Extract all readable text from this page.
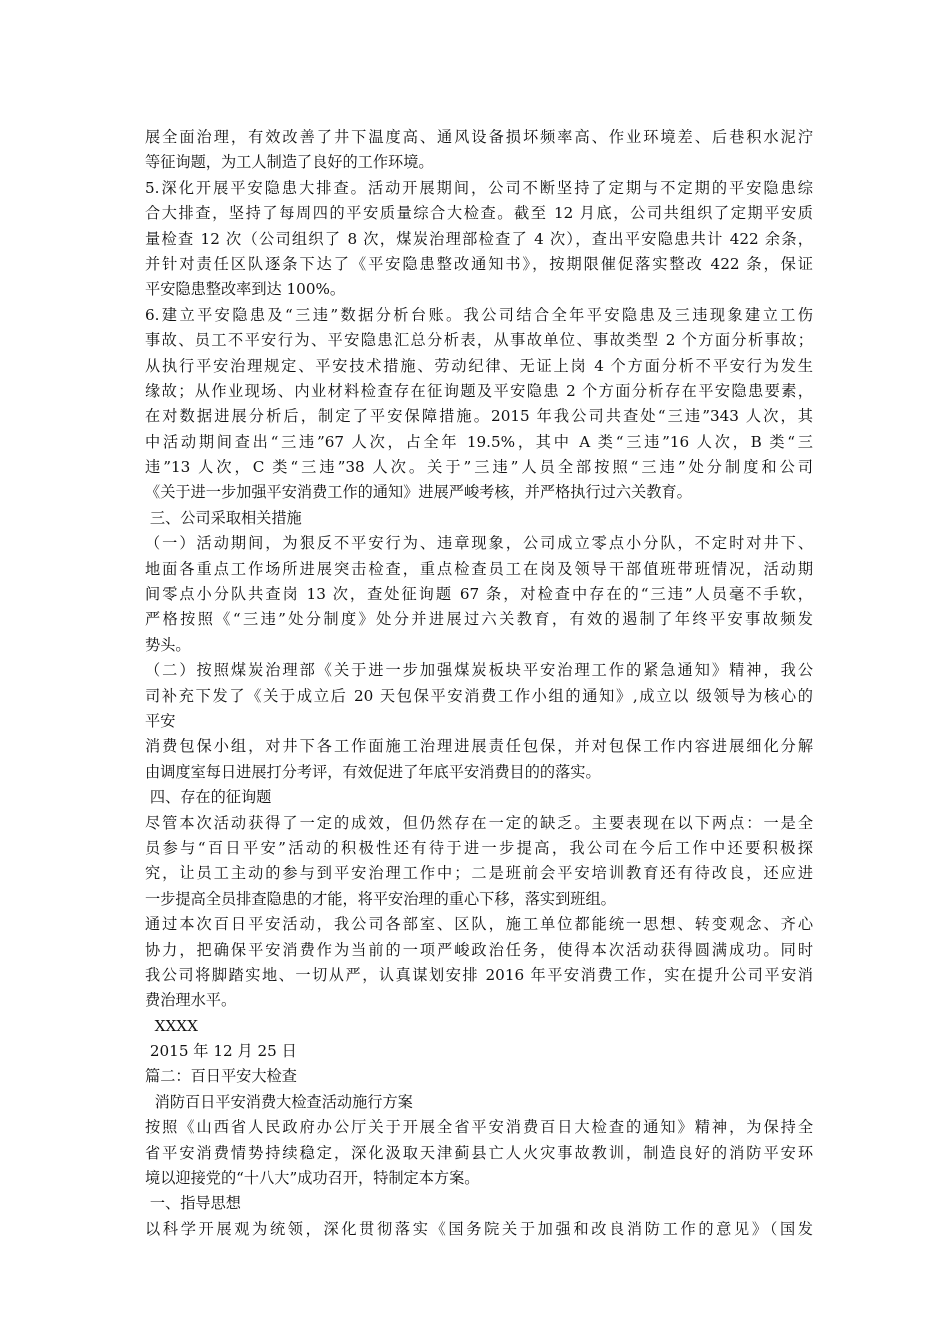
展全面治理，有效改善了井下温度高、通风设备损坏频率高、作业环境差、后巷积水泥泞
等征询题，为工人制造了良好的工作环境。
5.深化开展平安隐患大排查。活动开展期间，公司不断坚持了定期与不定期的平安隐患综
合大排查，坚持了每周四的平安质量综合大检查。截至 12 月底，公司共组织了定期平安质
量检查 12 次（公司组织了 8 次，煤炭治理部检查了 4 次），查出平安隐患共计 422 余条，
并针对责任区队逐条下达了《平安隐患整改通知书》，按期限催促落实整改 422 条，保证
平安隐患整改率到达 100%。
6.建立平安隐患及“三违”数据分析台账。我公司结合全年平安隐患及三违现象建立工伤
事故、员工不平安行为、平安隐患汇总分析表，从事故单位、事故类型 2 个方面分析事故；
从执行平安治理规定、平安技术措施、劳动纪律、无证上岗 4 个方面分析不平安行为发生
缘故；从作业现场、内业材料检查存在征询题及平安隐患 2 个方面分析存在平安隐患要素，
在对数据进展分析后，制定了平安保障措施。2015 年我公司共查处“三违”343 人次，其
中活动期间查出“三违”67 人次，占全年 19.5%，其中 A 类“三违”16 人次，B 类“三
违”13 人次，C 类“三违”38 人次。关于”三违”人员全部按照“三违”处分制度和公司
《关于进一步加强平安消费工作的通知》进展严峻考核，并严格执行过六关教育。
三、公司采取相关措施
（一）活动期间，为狠反不平安行为、违章现象，公司成立零点小分队，不定时对井下、
地面各重点工作场所进展突击检查，重点检查员工在岗及领导干部值班带班情况，活动期
间零点小分队共查岗 13 次，查处征询题 67 条，对检查中存在的“三违”人员毫不手软，
严格按照《“三违”处分制度》处分并进展过六关教育，有效的遏制了年终平安事故频发
势头。
（二）按照煤炭治理部《关于进一步加强煤炭板块平安治理工作的紧急通知》精神，我公
司补充下发了《关于成立后 20 天包保平安消费工作小组的通知》,成立以 级领导为核心的
平安
消费包保小组，对井下各工作面施工治理进展责任包保，并对包保工作内容进展细化分解
由调度室每日进展打分考评，有效促进了年底平安消费目的的落实。
四、存在的征询题
尽管本次活动获得了一定的成效，但仍然存在一定的缺乏。主要表现在以下两点：一是全
员参与“百日平安”活动的积极性还有待于进一步提高，我公司在今后工作中还要积极探
究，让员工主动的参与到平安治理工作中；二是班前会平安培训教育还有待改良，还应进
一步提高全员排查隐患的才能，将平安治理的重心下移，落实到班组。
通过本次百日平安活动，我公司各部室、区队，施工单位都能统一思想、转变观念、齐心
协力，把确保平安消费作为当前的一项严峻政治任务，使得本次活动获得圆满成功。同时
我公司将脚踏实地、一切从严，认真谋划安排 2016 年平安消费工作，实在提升公司平安消
费治理水平。
XXXX
2015 年 12 月 25 日
篇二：百日平安大检查
消防百日平安消费大检查活动施行方案
按照《山西省人民政府办公厅关于开展全省平安消费百日大检查的通知》精神，为保持全
省平安消费情势持续稳定，深化汲取天津蓟县亡人火灾事故教训，制造良好的消防平安环
境以迎接党的“十八大”成功召开，特制定本方案。
一、指导思想
以科学开展观为统领，深化贯彻落实《国务院关于加强和改良消防工作的意见》（国发
